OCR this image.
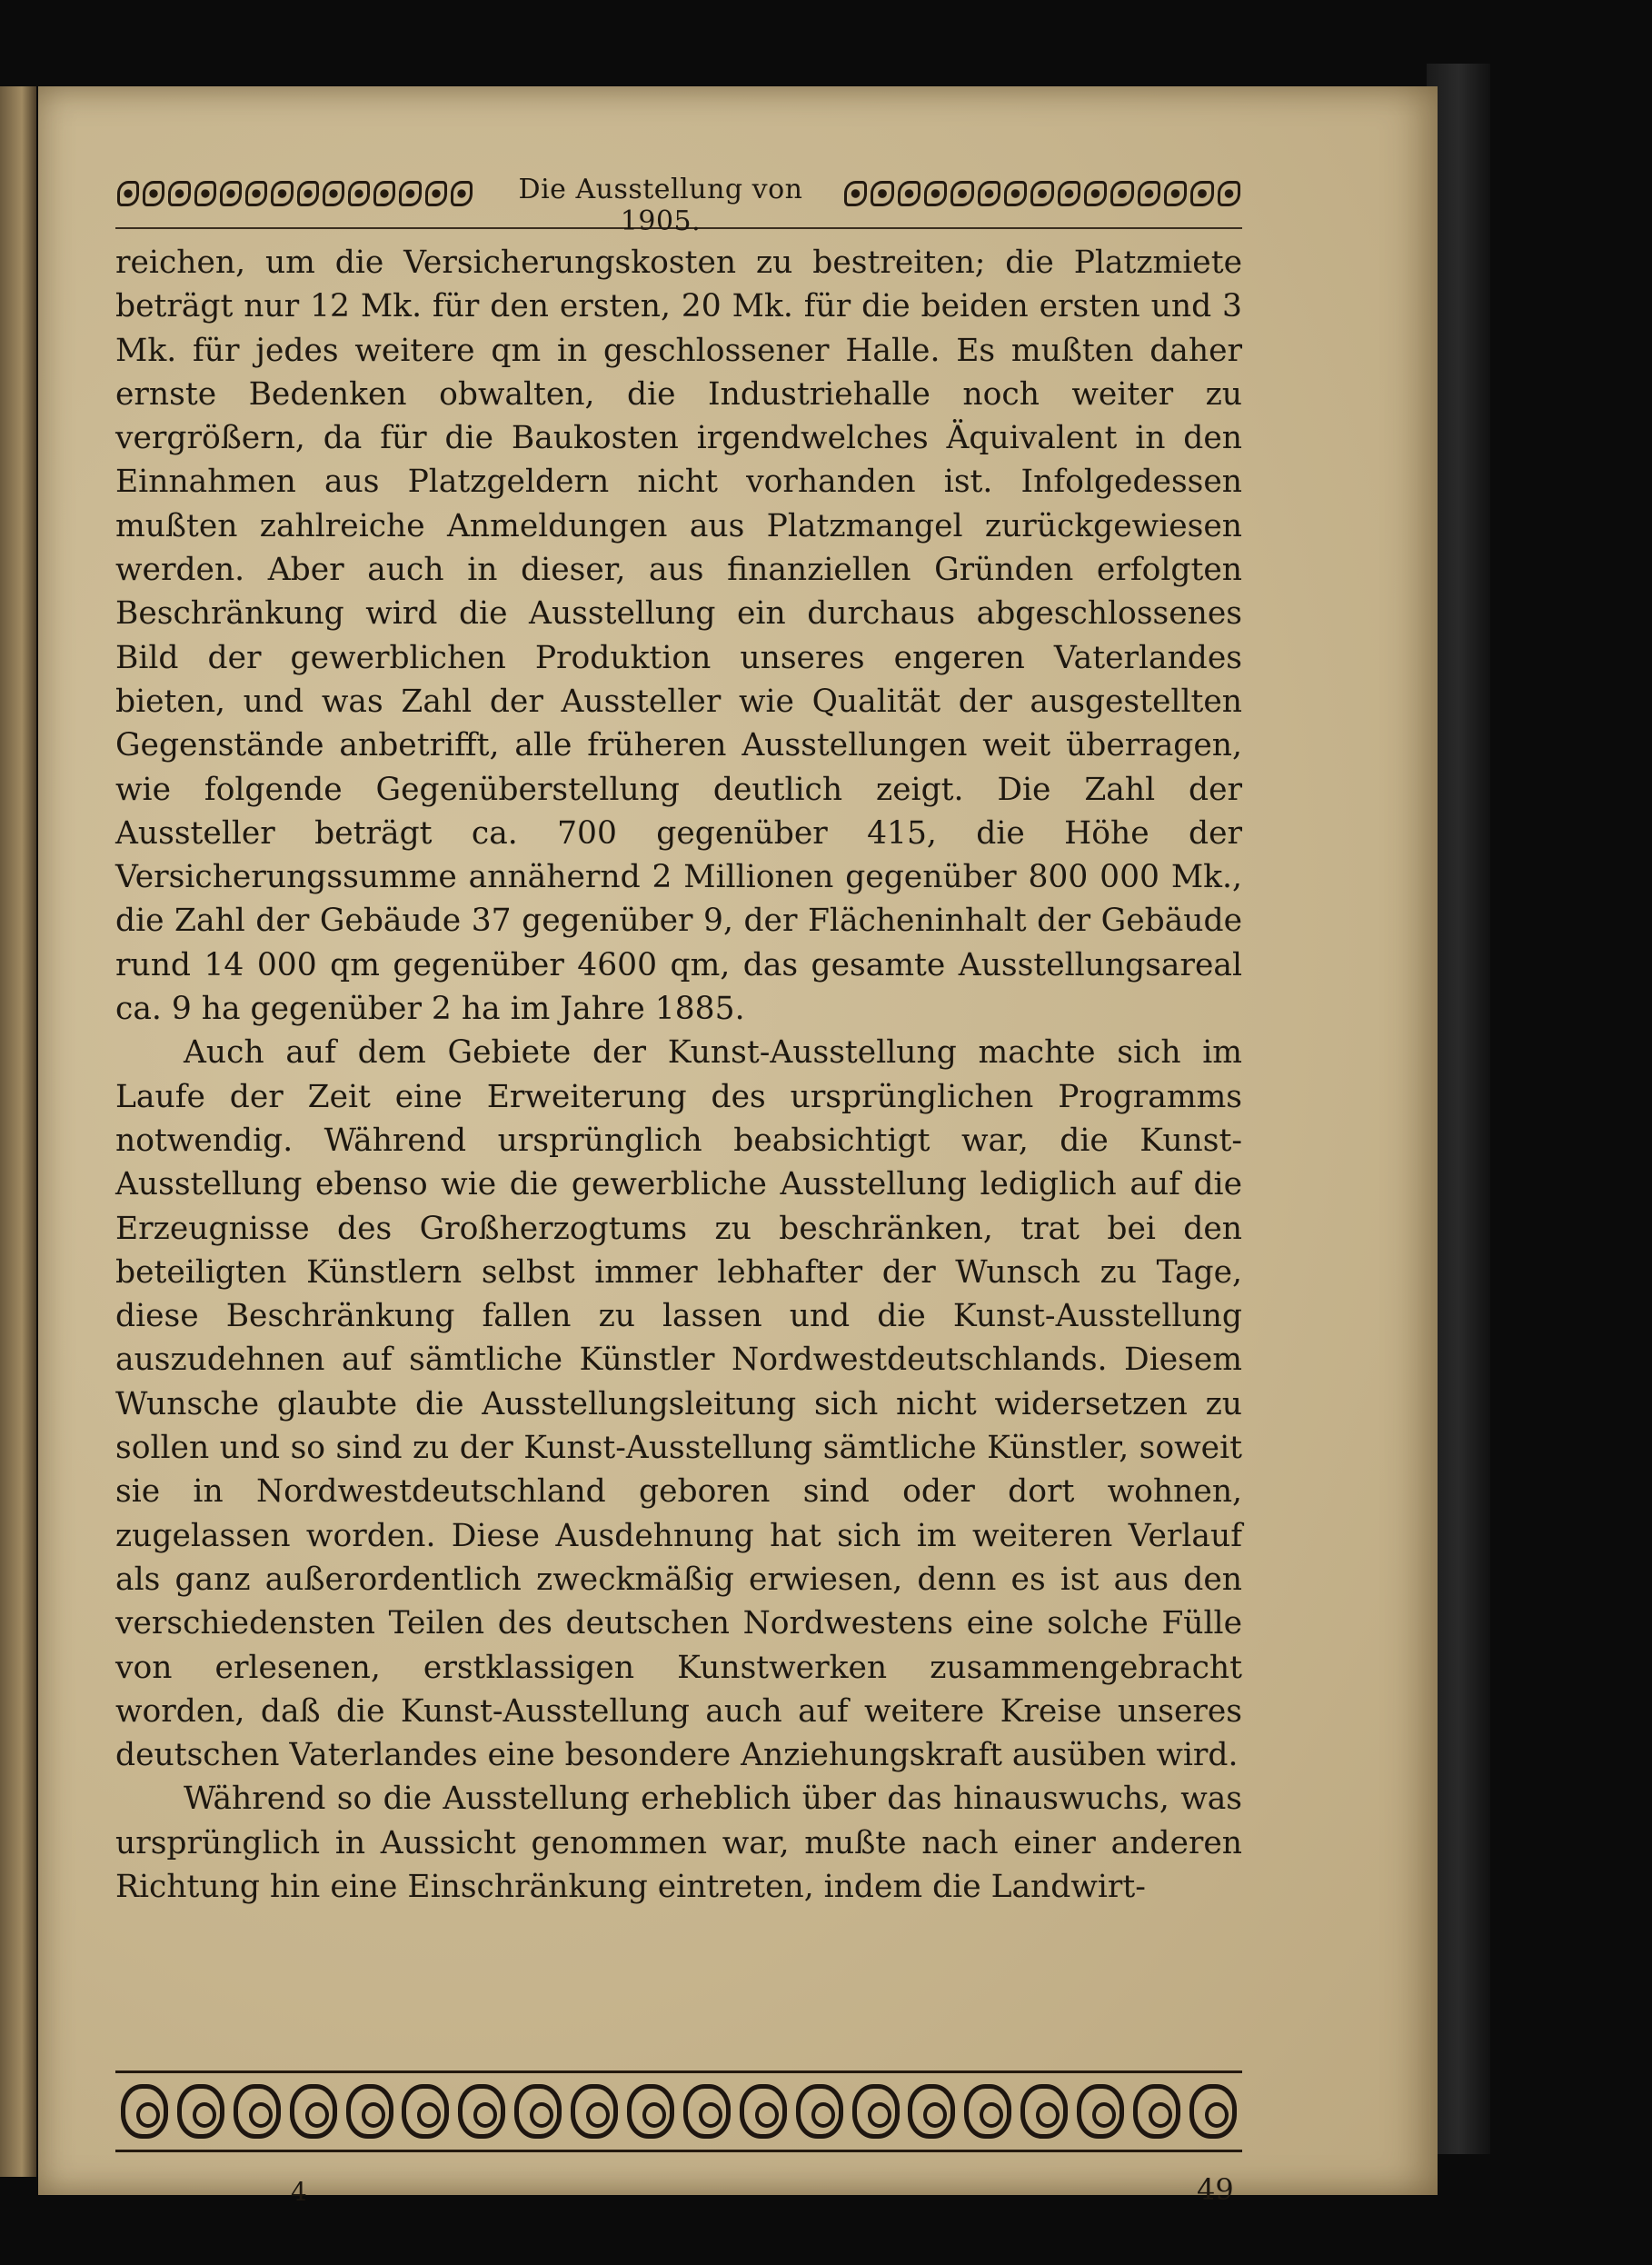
Die Ausstellung von 1905.

reichen, um die Versicherungskosten zu bestreiten; die Platzmiete beträgt nur 12 Mk. für den ersten, 20 Mk. für die beiden ersten und 3 Mk. für jedes weitere qm in geschlossener Halle. Es mußten daher ernste Bedenken obwalten, die Industriehalle noch weiter zu vergrößern, da für die Baukosten irgendwelches Äquivalent in den Einnahmen aus Platzgeldern nicht vorhanden ist. Infolgedessen mußten zahlreiche Anmeldungen aus Platzmangel zurückgewiesen werden. Aber auch in dieser, aus finanziellen Gründen erfolgten Beschränkung wird die Ausstellung ein durchaus abgeschlossenes Bild der gewerblichen Produktion unseres engeren Vaterlandes bieten, und was Zahl der Aussteller wie Qualität der ausgestellten Gegenstände anbetrifft, alle früheren Ausstellungen weit überragen, wie folgende Gegenüberstellung deutlich zeigt. Die Zahl der Aussteller beträgt ca. 700 gegenüber 415, die Höhe der Versicherungssumme annähernd 2 Millionen gegenüber 800 000 Mk., die Zahl der Gebäude 37 gegenüber 9, der Flächeninhalt der Gebäude rund 14 000 qm gegenüber 4600 qm, das gesamte Ausstellungsareal ca. 9 ha gegenüber 2 ha im Jahre 1885.

Auch auf dem Gebiete der Kunst-Ausstellung machte sich im Laufe der Zeit eine Erweiterung des ursprünglichen Programms notwendig. Während ursprünglich beabsichtigt war, die Kunst-Ausstellung ebenso wie die gewerbliche Ausstellung lediglich auf die Erzeugnisse des Großherzogtums zu beschränken, trat bei den beteiligten Künstlern selbst immer lebhafter der Wunsch zu Tage, diese Beschränkung fallen zu lassen und die Kunst-Ausstellung auszudehnen auf sämtliche Künstler Nordwestdeutschlands. Diesem Wunsche glaubte die Ausstellungsleitung sich nicht widersetzen zu sollen und so sind zu der Kunst-Ausstellung sämtliche Künstler, soweit sie in Nordwestdeutschland geboren sind oder dort wohnen, zugelassen worden. Diese Ausdehnung hat sich im weiteren Verlauf als ganz außerordentlich zweckmäßig erwiesen, denn es ist aus den verschiedensten Teilen des deutschen Nordwestens eine solche Fülle von erlesenen, erstklassigen Kunstwerken zusammengebracht worden, daß die Kunst-Ausstellung auch auf weitere Kreise unseres deutschen Vaterlandes eine besondere Anziehungskraft ausüben wird.

Während so die Ausstellung erheblich über das hinauswuchs, was ursprünglich in Aussicht genommen war, mußte nach einer anderen Richtung hin eine Einschränkung eintreten, indem die Landwirt-

4	49
